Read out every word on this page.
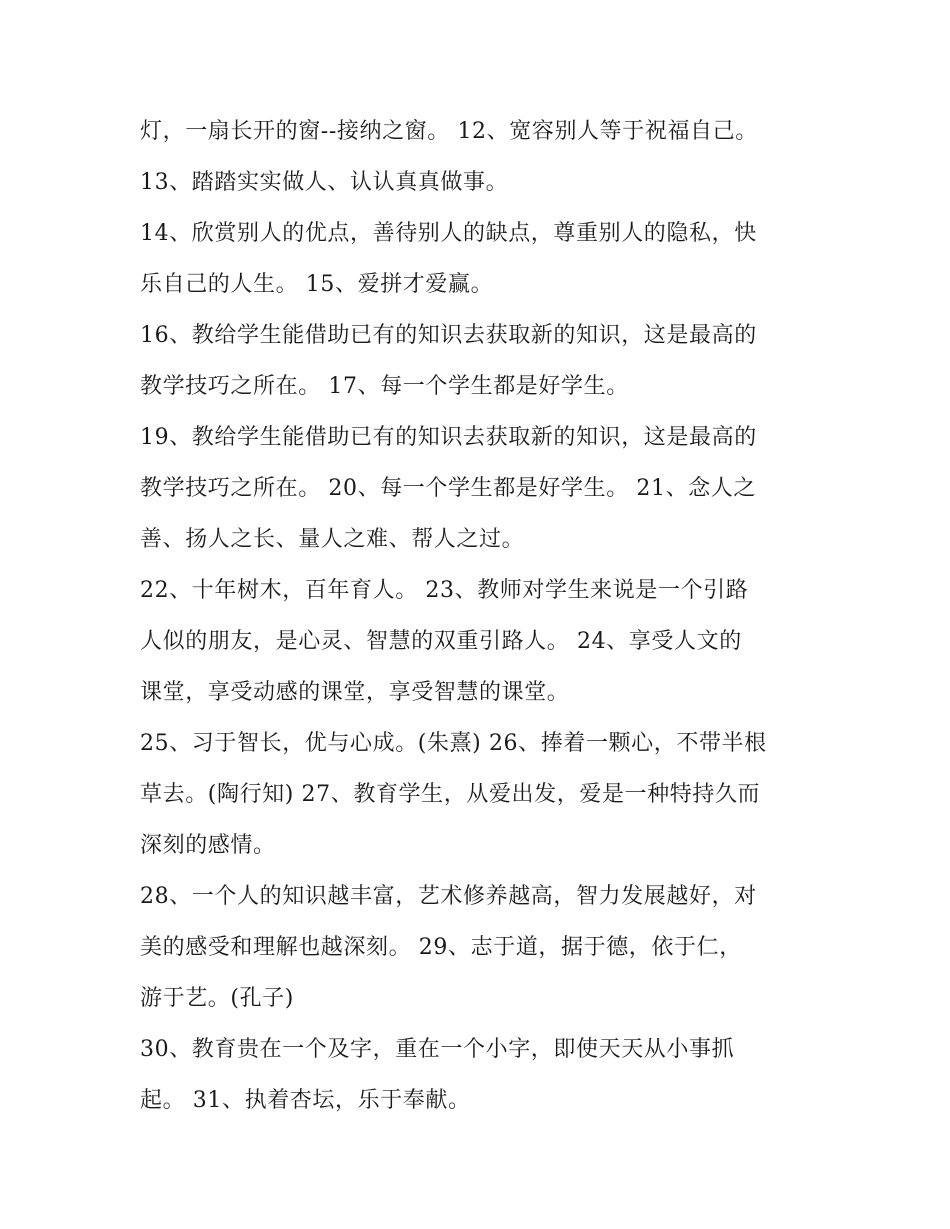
灯，一扇长开的窗--接纳之窗。 12、宽容别人等于祝福自己。
13、踏踏实实做人、认认真真做事。
14、欣赏别人的优点，善待别人的缺点，尊重别人的隐私，快
乐自己的人生。 15、爱拼才爱赢。
16、教给学生能借助已有的知识去获取新的知识，这是最高的
教学技巧之所在。 17、每一个学生都是好学生。
19、教给学生能借助已有的知识去获取新的知识，这是最高的
教学技巧之所在。 20、每一个学生都是好学生。 21、念人之
善、扬人之长、量人之难、帮人之过。
22、十年树木，百年育人。 23、教师对学生来说是一个引路
人似的朋友，是心灵、智慧的双重引路人。 24、享受人文的
课堂，享受动感的课堂，享受智慧的课堂。
25、习于智长，优与心成。(朱熹) 26、捧着一颗心，不带半根
草去。(陶行知) 27、教育学生，从爱出发，爱是一种特持久而
深刻的感情。
28、一个人的知识越丰富，艺术修养越高，智力发展越好，对
美的感受和理解也越深刻。 29、志于道，据于德，依于仁，
游于艺。(孔子)
30、教育贵在一个及字，重在一个小字，即使天天从小事抓
起。 31、执着杏坛，乐于奉献。
